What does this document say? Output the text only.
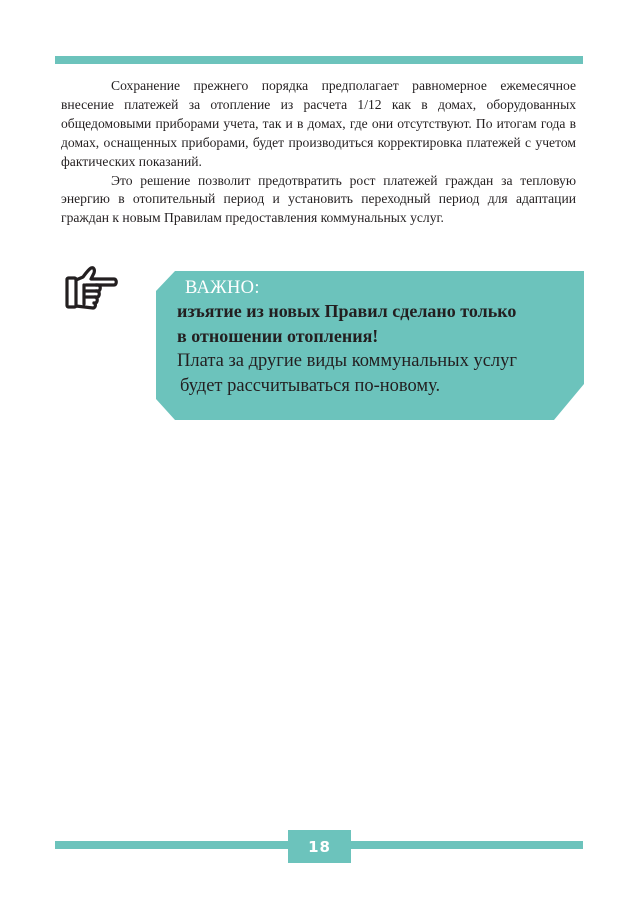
Сохранение прежнего порядка предполагает равномерное ежемесячное внесение платежей за отопление из расчета 1/12 как в домах, оборудованных общедомовыми приборами учета, так и в домах, где они отсутствуют. По итогам года в домах, оснащенных приборами, будет производиться корректировка платежей с учетом фактических показаний.

Это решение позволит предотвратить рост платежей граждан за тепловую энергию в отопительный период и установить переходный период для адаптации граждан к новым Правилам предоставления коммунальных услуг.

ВАЖНО:
изъятие из новых Правил сделано только
в отношении отопления!
Плата за другие виды коммунальных услуг
будет рассчитываться по-новому.
18
